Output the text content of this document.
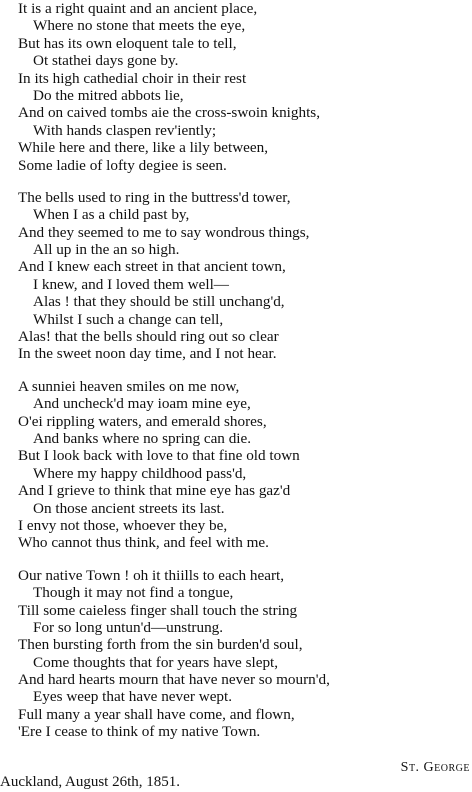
It is a right quaint and an ancient place,
Where no stone that meets the eye,
But has its own eloquent tale to tell,
Ot stathei days gone by.
In its high cathedial choir in their rest
Do the mitred abbots lie,
And on caived tombs aie the cross-swoin knights,
With hands claspen rev'iently;
While here and there, like a lily between,
Some ladie of lofty degiee is seen.
The bells used to ring in the buttress'd tower,
When I as a child past by,
And they seemed to me to say wondrous things,
All up in the an so high.
And I knew each street in that ancient town,
I knew, and I loved them well—
Alas ! that they should be still unchang'd,
Whilst I such a change can tell,
Alas! that the bells should ring out so clear
In the sweet noon day time, and I not hear.
A sunniei heaven smiles on me now,
And uncheck'd may ioam mine eye,
O'ei rippling waters, and emerald shores,
And banks where no spring can die.
But I look back with love to that fine old town
Where my happy childhood pass'd,
And I grieve to think that mine eye has gaz'd
On those ancient streets its last.
I envy not those, whoever they be,
Who cannot thus think, and feel with me.
Our native Town ! oh it thiills to each heart,
Though it may not find a tongue,
Till some caieless finger shall touch the string
For so long untun'd—unstrung.
Then bursting forth from the sin burden'd soul,
Come thoughts that for years have slept,
And hard hearts mourn that have never so mourn'd,
Eyes weep that have never wept.
Full many a year shall have come, and flown,
'Ere I cease to think of my native Town.
St. George
Auckland, August 26th, 1851.
